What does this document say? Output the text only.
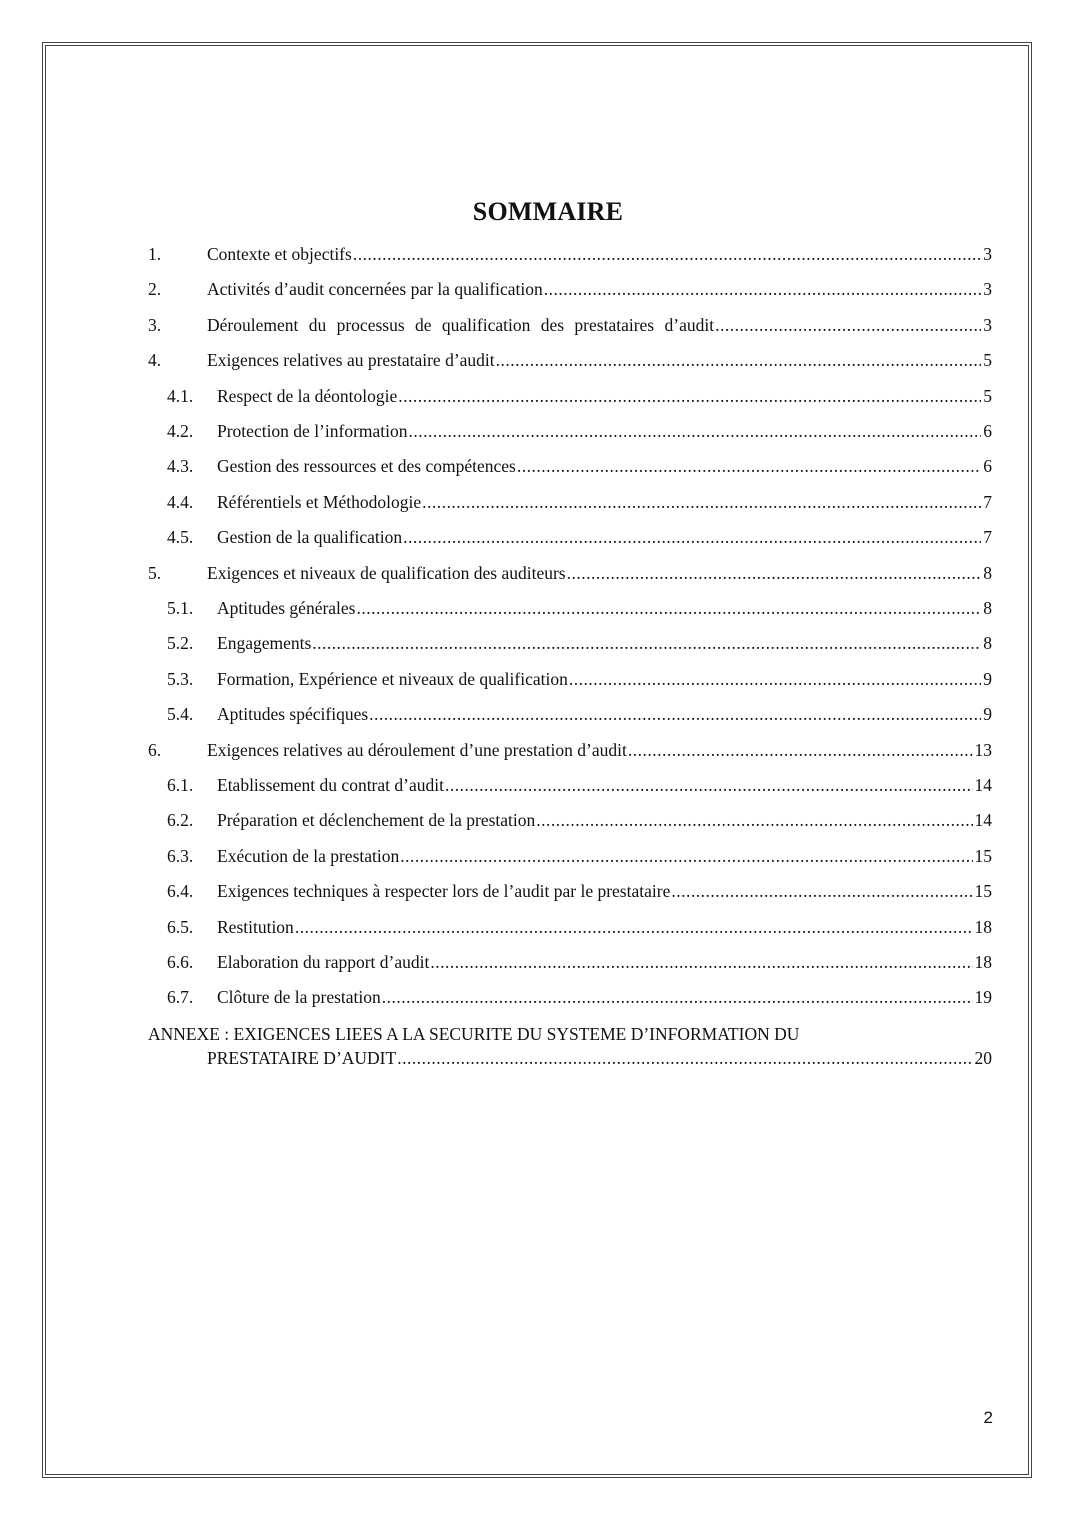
SOMMAIRE
1.	Contexte et objectifs .....	3
2.	Activités d’audit concernées par la qualification .....	3
3.	Déroulement du processus de qualification des prestataires d’audit .....	3
4.	Exigences relatives au prestataire d’audit .....	5
4.1. Respect de la déontologie .....	5
4.2. Protection de l’information .....	6
4.3. Gestion des ressources et des compétences .....	6
4.4. Référentiels et Méthodologie .....	7
4.5. Gestion de la qualification .....	7
5.	Exigences et niveaux de qualification des auditeurs .....	8
5.1. Aptitudes générales .....	8
5.2. Engagements .....	8
5.3. Formation, Expérience et niveaux de qualification .....	9
5.4. Aptitudes spécifiques .....	9
6.	Exigences relatives au déroulement d’une prestation d’audit .....	13
6.1. Etablissement du contrat d’audit .....	14
6.2. Préparation et déclenchement de la prestation .....	14
6.3. Exécution de la prestation .....	15
6.4. Exigences techniques à respecter lors de l’audit par le prestataire .....	15
6.5. Restitution .....	18
6.6. Elaboration du rapport d’audit .....	18
6.7. Clôture de la prestation .....	19
ANNEXE : EXIGENCES LIEES A LA SECURITE DU SYSTEME D’INFORMATION DU
PRESTATAIRE D’AUDIT .....	20
2
